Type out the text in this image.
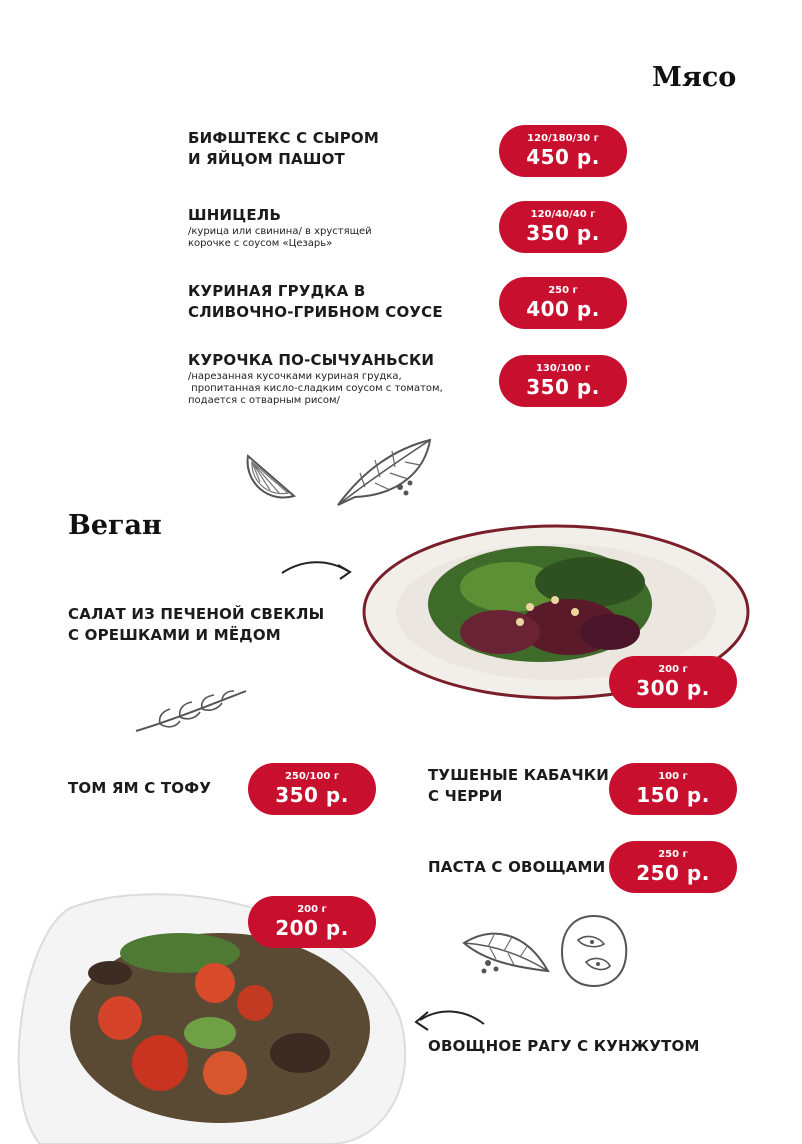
Мясо
БИФШТЕКС С СЫРОМ
И ЯЙЦОМ ПАШОТ
120/180/30 г
450 р.
ШНИЦЕЛЬ
/курица или свинина/ в хрустящей
корочке с соусом «Цезарь»
120/40/40 г
350 р.
КУРИНАЯ ГРУДКА В
СЛИВОЧНО-ГРИБНОМ СОУСЕ
250 г
400 р.
КУРОЧКА ПО-СЫЧУАНЬСКИ
/нарезанная кусочками куриная грудка,
пропитанная кисло-сладким соусом с томатом,
подается с отварным рисом/
130/100 г
350 р.
Веган
САЛАТ ИЗ ПЕЧЕНОЙ СВЕКЛЫ
С ОРЕШКАМИ И МЁДОМ
200 г
300 р.
ТОМ ЯМ С ТОФУ
250/100 г
350 р.
ТУШЕНЫЕ КАБАЧКИ
С ЧЕРРИ
100 г
150 р.
ПАСТА С ОВОЩАМИ
250 г
250 р.
200 г
200 р.
ОВОЩНОЕ РАГУ С КУНЖУТОМ
